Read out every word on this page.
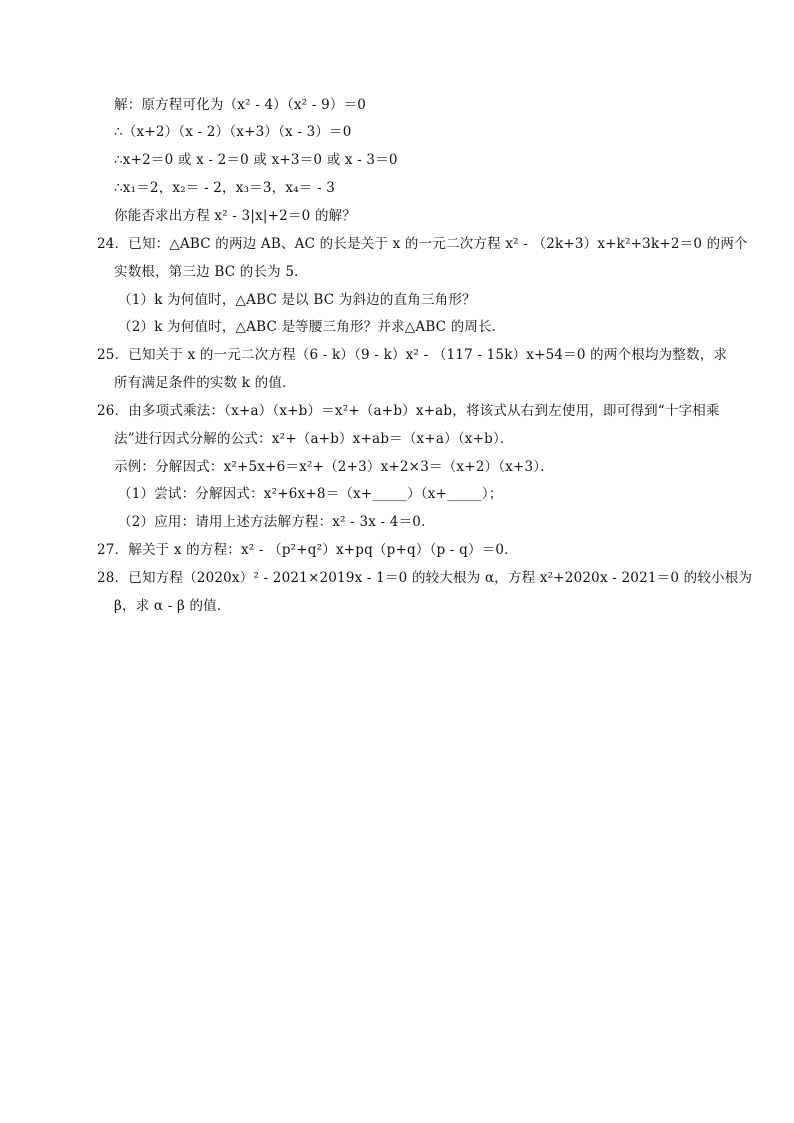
解：原方程可化为（x² - 4）（x² - 9）＝0
∴（x+2）（x - 2）（x+3）（x - 3）＝0
∴x+2＝0 或 x - 2＝0 或 x+3＝0 或 x - 3＝0
∴x₁＝2，x₂＝ - 2，x₃＝3，x₄＝ - 3
你能否求出方程 x² - 3|x|+2＝0 的解？
24．已知：△ABC 的两边 AB、AC 的长是关于 x 的一元二次方程 x² - （2k+3）x+k²+3k+2＝0 的两个
实数根，第三边 BC 的长为 5．
（1）k 为何值时，△ABC 是以 BC 为斜边的直角三角形？
（2）k 为何值时，△ABC 是等腰三角形？并求△ABC 的周长．
25．已知关于 x 的一元二次方程（6 - k）（9 - k）x² - （117 - 15k）x+54＝0 的两个根均为整数，求
所有满足条件的实数 k 的值．
26．由多项式乘法：（x+a）（x+b）＝x²+（a+b）x+ab，将该式从右到左使用，即可得到“十字相乘
法”进行因式分解的公式：x²+（a+b）x+ab＝（x+a）（x+b）．
示例：分解因式：x²+5x+6＝x²+（2+3）x+2×3＝（x+2）（x+3）．
（1）尝试：分解因式：x²+6x+8＝（x+_____）（x+_____）；
（2）应用：请用上述方法解方程：x² - 3x - 4＝0．
27．解关于 x 的方程：x² - （p²+q²）x+pq（p+q）（p - q）＝0．
28．已知方程（2020x）² - 2021×2019x - 1＝0 的较大根为 α，方程 x²+2020x - 2021＝0 的较小根为
β，求 α - β 的值．
